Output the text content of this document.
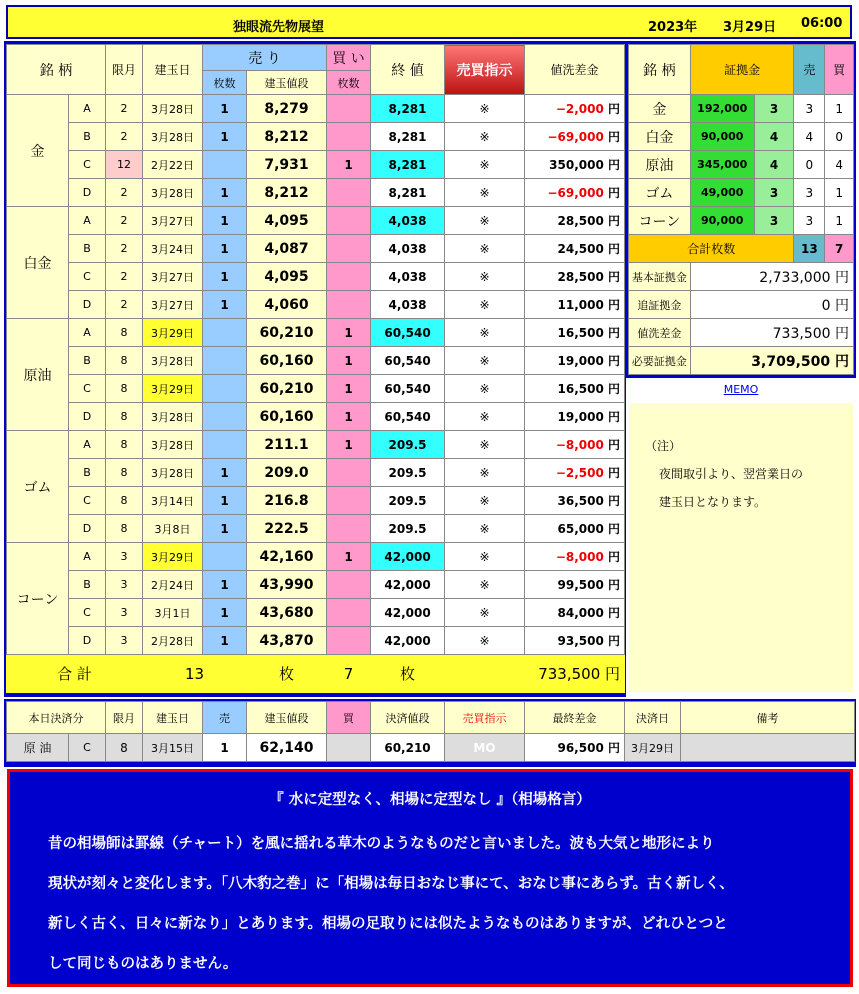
独眼流先物展望	2023年 3月29日 06:00
銘 柄		限月	建玉日	売 り		買 い	終 値	売買指示	値洗差金
				枚数	建玉値段	枚数			
金	A	2	3月28日	1	8,279		8,281	※	−2,000 円
	B	2	3月28日	1	8,212		8,281	※	−69,000 円
	C	12	2月22日		7,931	1	8,281	※	350,000 円
	D	2	3月28日	1	8,212		8,281	※	−69,000 円
白金	A	2	3月27日	1	4,095		4,038	※	28,500 円
	B	2	3月24日	1	4,087		4,038	※	24,500 円
	C	2	3月27日	1	4,095		4,038	※	28,500 円
	D	2	3月27日	1	4,060		4,038	※	11,000 円
原油	A	8	3月29日		60,210	1	60,540	※	16,500 円
	B	8	3月28日		60,160	1	60,540	※	19,000 円
	C	8	3月29日		60,210	1	60,540	※	16,500 円
	D	8	3月28日		60,160	1	60,540	※	19,000 円
ゴム	A	8	3月28日		211.1	1	209.5	※	−8,000 円
	B	8	3月28日	1	209.0		209.5	※	−2,500 円
	C	8	3月14日	1	216.8		209.5	※	36,500 円
	D	8	3月8日	1	222.5		209.5	※	65,000 円
コーン	A	3	3月29日		42,160	1	42,000	※	−8,000 円
	B	3	2月24日	1	43,990		42,000	※	99,500 円
	C	3	3月1日	1	43,680		42,000	※	84,000 円
	D	3	2月28日	1	43,870		42,000	※	93,500 円
合 計			13		枚	7	枚		733,500 円
銘 柄	証拠金		売	買
金	192,000	3	3	1
白金	90,000	4	4	0
原油	345,000	4	0	4
ゴム	49,000	3	3	1
コーン	90,000	3	3	1
合計枚数			13	7
基本証拠金	2,733,000 円			
追証拠金	0 円			
値洗差金	733,500 円			
必要証拠金	3,709,500 円			
MEMO
（注）
夜間取引より、翌営業日の
建玉日となります。
本日決済分		限月	建玉日	売	建玉値段	買	決済値段	売買指示	最終差金	決済日	備考
原 油	C	8	3月15日	1	62,140		60,210	MO	96,500 円	3月29日	
『 水に定型なく、相場に定型なし 』（相場格言）
昔の相場師は罫線（チャート）を風に揺れる草木のようなものだと言いました。波も大気と地形により
現状が刻々と変化します。「八木豹之巻」に「相場は毎日おなじ事にて、おなじ事にあらず。古く新しく、
新しく古く、日々に新なり」とあります。相場の足取りには似たようなものはありますが、どれひとつと
して同じものはありません。
